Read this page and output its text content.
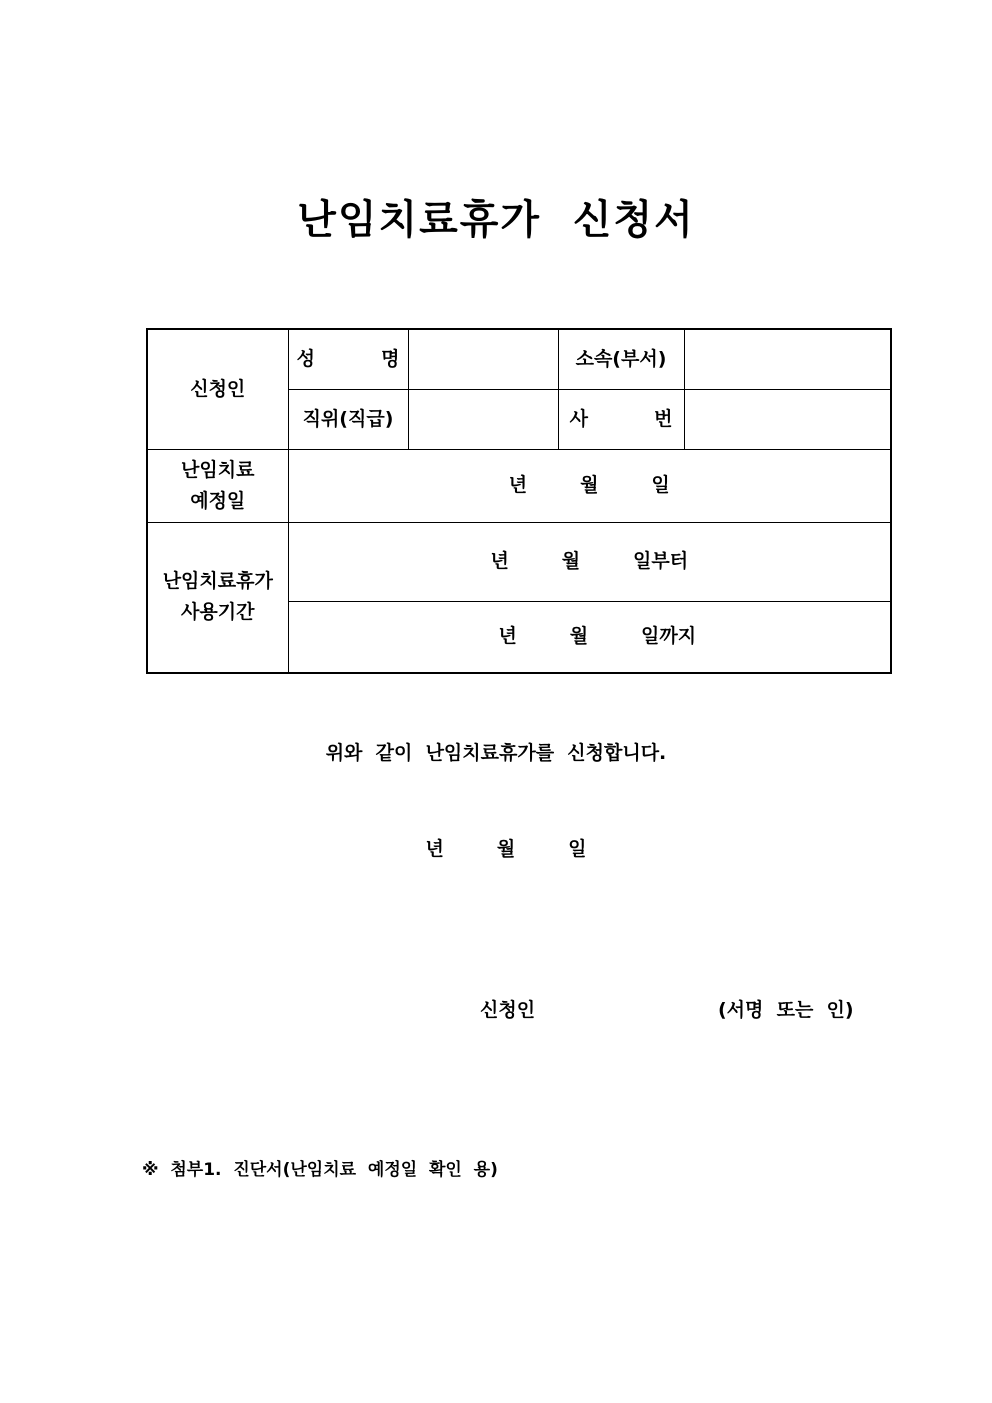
난임치료휴가  신청서
신청인	성          명		소속(부서)	
	직위(직급)		사          번	

난임치료
예정일	년        월        일			

난임치료휴가
사용기간	년        월        일부터			
	년        월        일까지			
위와  같이  난임치료휴가를  신청합니다.
년        월        일
신청인	(서명  또는  인)
※  첨부1.  진단서(난임치료  예정일  확인  용)
